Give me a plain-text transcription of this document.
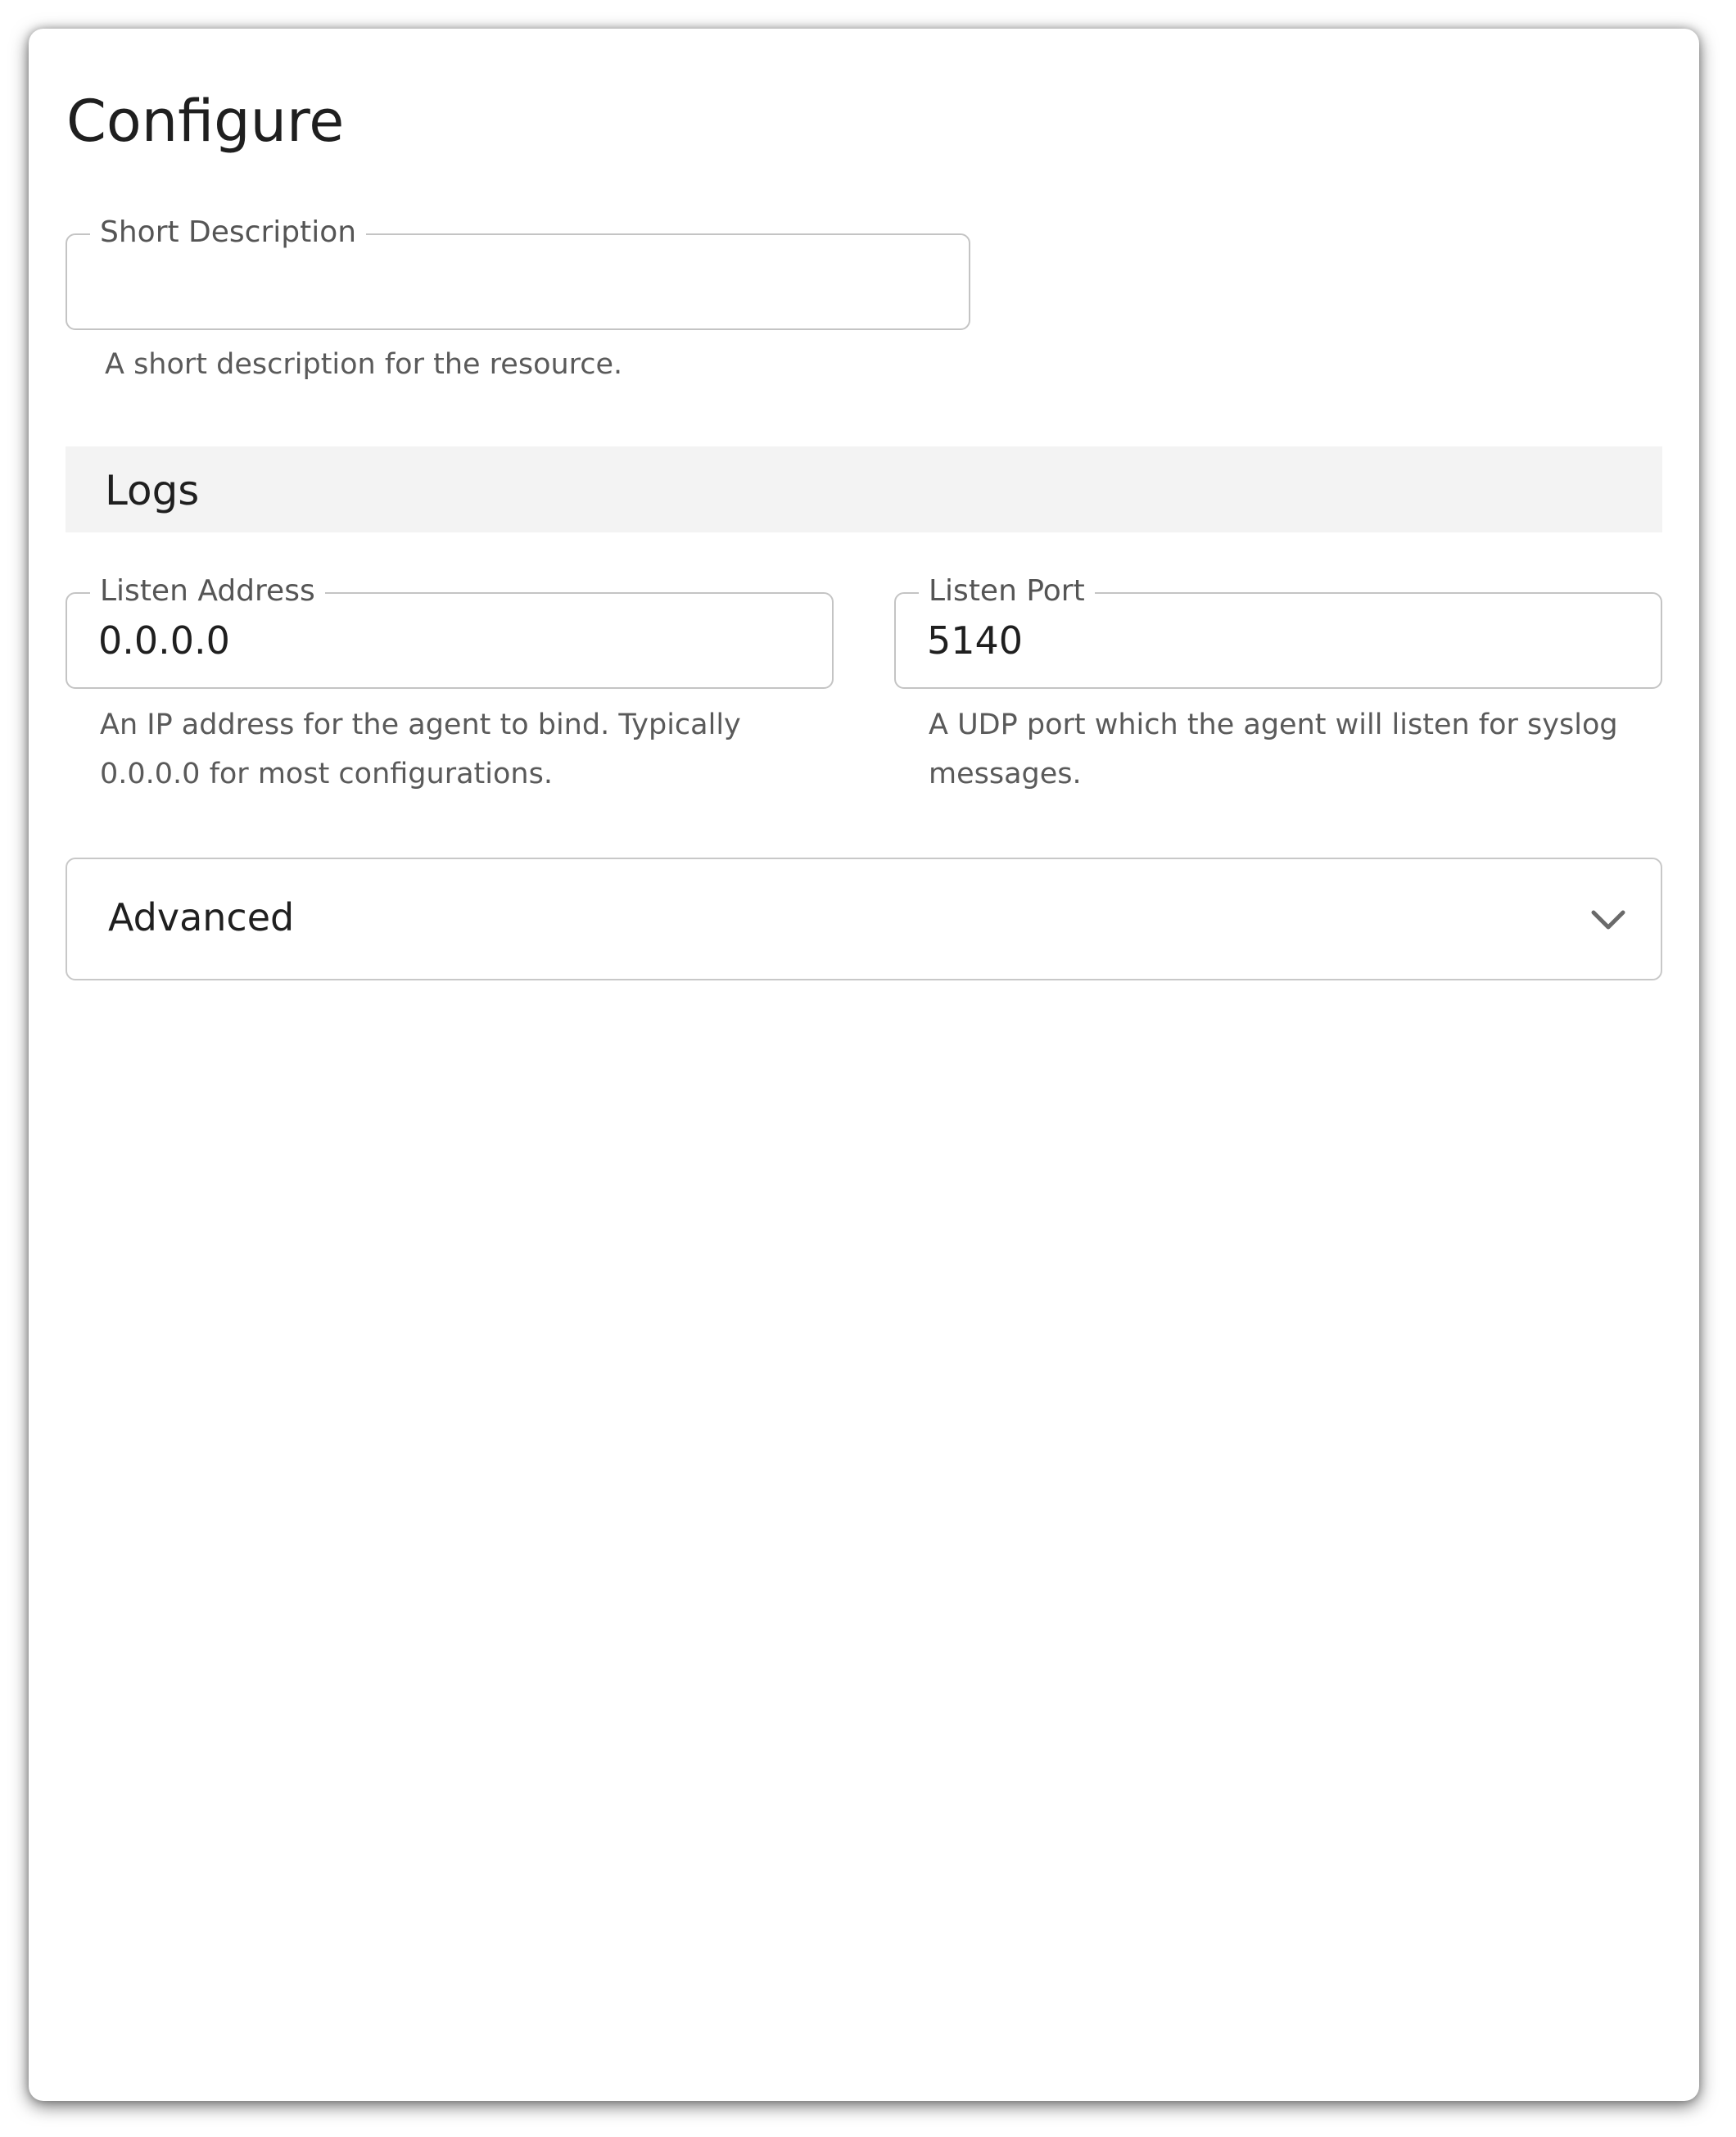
Configure
Short Description

A short description for the resource.

Logs
Listen Address
0.0.0.0

An IP address for the agent to bind. Typically 0.0.0.0 for most configurations.

Listen Port
5140

A UDP port which the agent will listen for syslog messages.

Advanced
